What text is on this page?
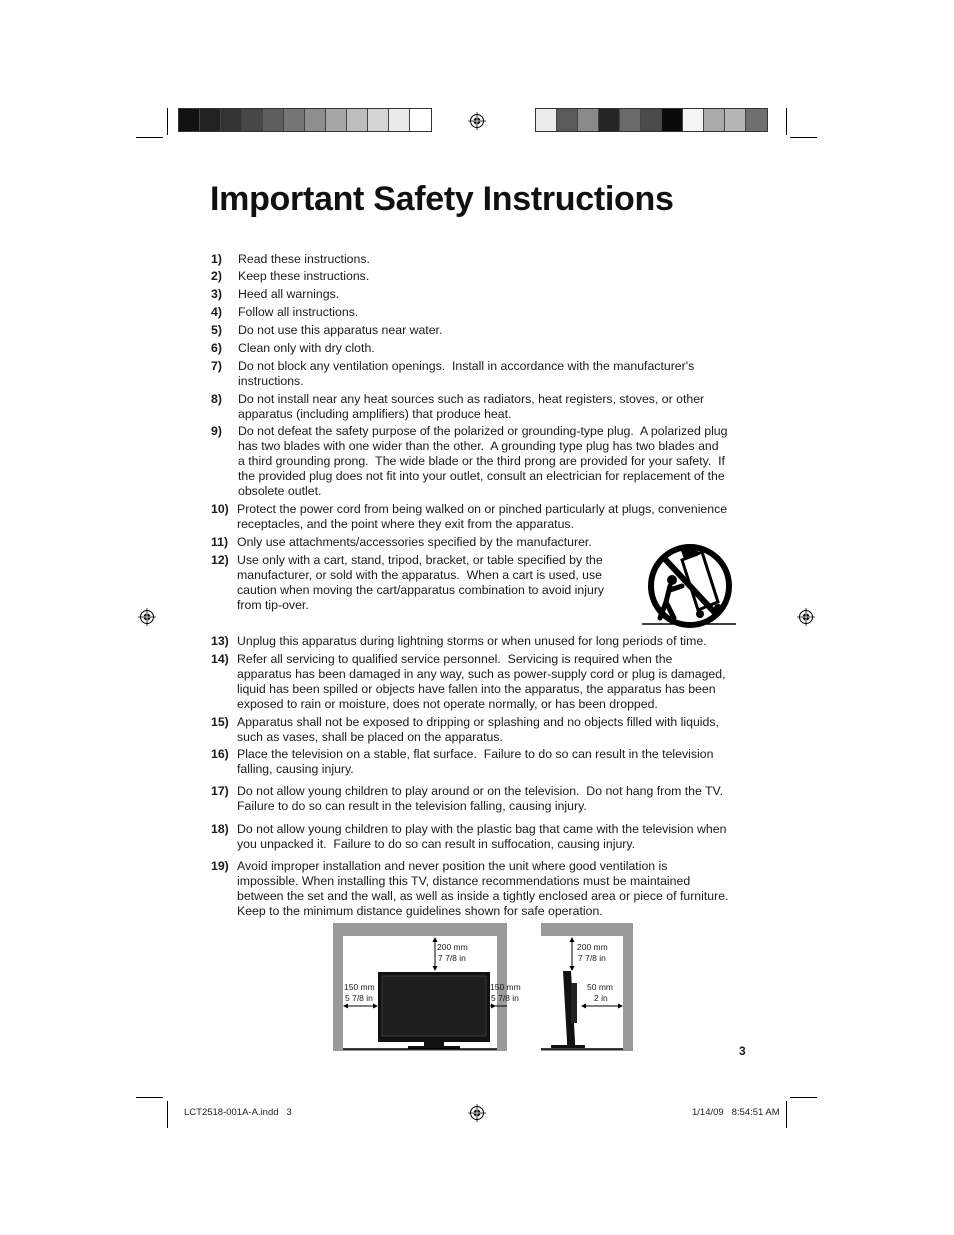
Important Safety Instructions
1) Read these instructions.
2) Keep these instructions.
3) Heed all warnings.
4) Follow all instructions.
5) Do not use this apparatus near water.
6) Clean only with dry cloth.
7) Do not block any ventilation openings.  Install in accordance with the manufacturer's
instructions.
8) Do not install near any heat sources such as radiators, heat registers, stoves, or other
apparatus (including amplifiers) that produce heat.
9) Do not defeat the safety purpose of the polarized or grounding-type plug.  A polarized plug
has two blades with one wider than the other.  A grounding type plug has two blades and
a third grounding prong.  The wide blade or the third prong are provided for your safety.  If
the provided plug does not fit into your outlet, consult an electrician for replacement of the
obsolete outlet.
10) Protect the power cord from being walked on or pinched particularly at plugs, convenience
receptacles, and the point where they exit from the apparatus.
11) Only use attachments/accessories specified by the manufacturer.
12) Use only with a cart, stand, tripod, bracket, or table specified by the
manufacturer, or sold with the apparatus.  When a cart is used, use
caution when moving the cart/apparatus combination to avoid injury
from tip-over.
13) Unplug this apparatus during lightning storms or when unused for long periods of time.
14) Refer all servicing to qualified service personnel.  Servicing is required when the
apparatus has been damaged in any way, such as power-supply cord or plug is damaged,
liquid has been spilled or objects have fallen into the apparatus, the apparatus has been
exposed to rain or moisture, does not operate normally, or has been dropped.
15) Apparatus shall not be exposed to dripping or splashing and no objects filled with liquids,
such as vases, shall be placed on the apparatus.
16) Place the television on a stable, flat surface.  Failure to do so can result in the television
falling, causing injury.
17) Do not allow young children to play around or on the television.  Do not hang from the TV.
Failure to do so can result in the television falling, causing injury.
18) Do not allow young children to play with the plastic bag that came with the television when
you unpacked it.  Failure to do so can result in suffocation, causing injury.
19) Avoid improper installation and never position the unit where good ventilation is
impossible. When installing this TV, distance recommendations must be maintained
between the set and the wall, as well as inside a tightly enclosed area or piece of furniture.
Keep to the minimum distance guidelines shown for safe operation.
200 mm
7 7/8 in
150 mm
5 7/8 in
150 mm
5 7/8 in
200 mm
7 7/8 in
50 mm
2 in
3
LCT2518-001A-A.indd   3	1/14/09   8:54:51 AM
